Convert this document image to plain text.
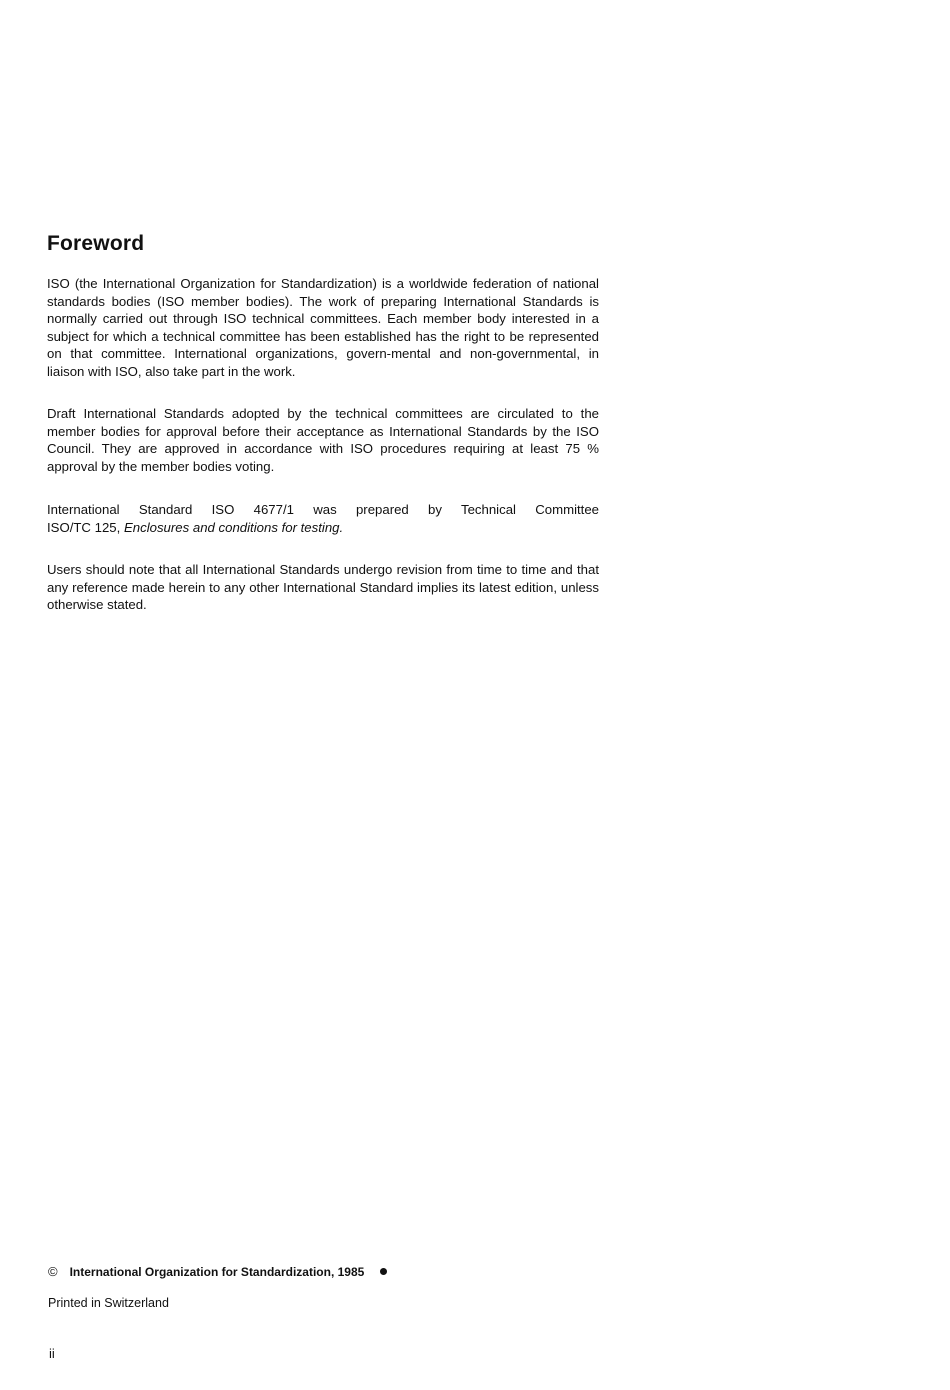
Foreword

ISO (the International Organization for Standardization) is a worldwide federation of national standards bodies (ISO member bodies). The work of preparing International Standards is normally carried out through ISO technical committees. Each member body interested in a subject for which a technical committee has been established has the right to be represented on that committee. International organizations, govern-mental and non-governmental, in liaison with ISO, also take part in the work.

Draft International Standards adopted by the technical committees are circulated to the member bodies for approval before their acceptance as International Standards by the ISO Council. They are approved in accordance with ISO procedures requiring at least 75 % approval by the member bodies voting.

International Standard ISO 4677/1 was prepared by Technical Committee
ISO/TC 125, Enclosures and conditions for testing.

Users should note that all International Standards undergo revision from time to time and that any reference made herein to any other International Standard implies its latest edition, unless otherwise stated.

© International Organization for Standardization, 1985
Printed in Switzerland
ii
